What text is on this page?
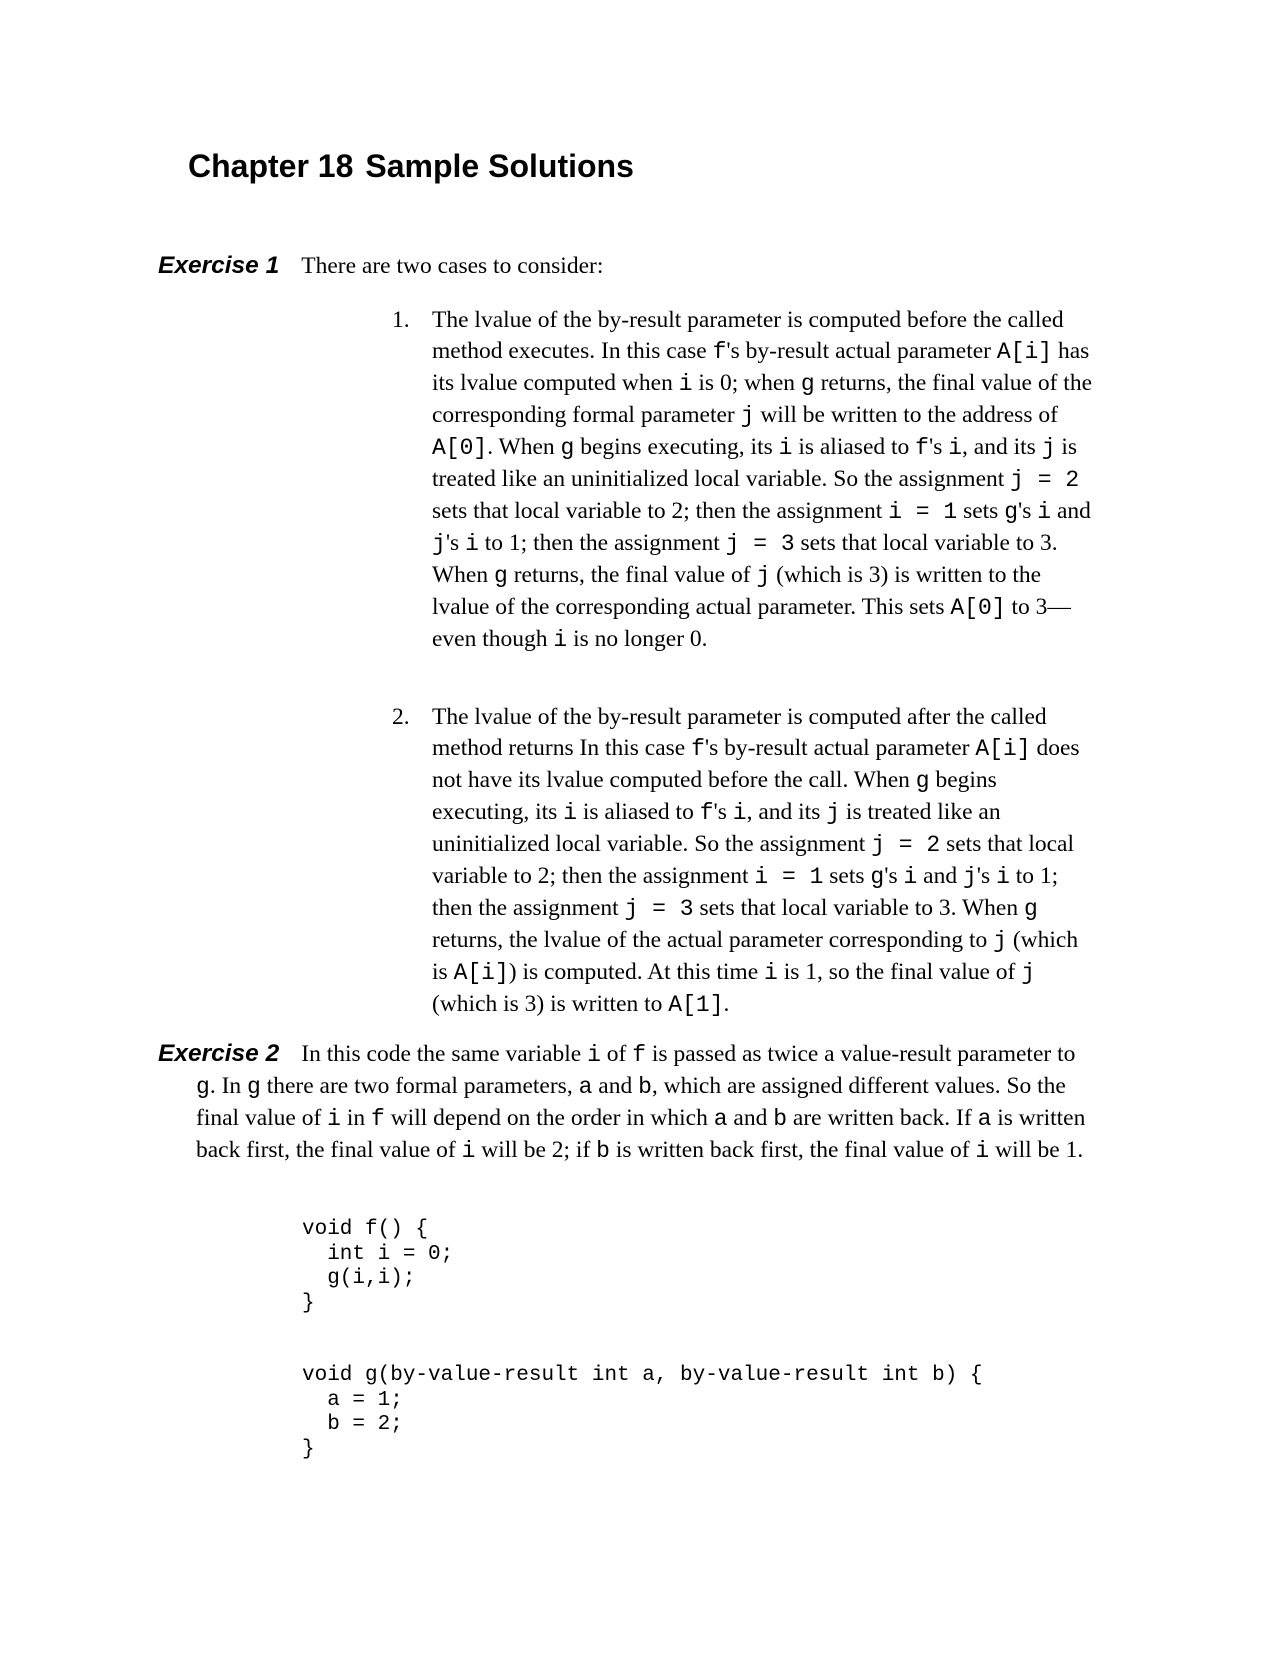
Chapter 18 Sample Solutions
Exercise 1 There are two cases to consider:
1. The lvalue of the by-result parameter is computed before the called method executes. In this case f's by-result actual parameter A[i] has its lvalue computed when i is 0; when g returns, the final value of the corresponding formal parameter j will be written to the address of A[0]. When g begins executing, its i is aliased to f's i, and its j is treated like an uninitialized local variable. So the assignment j = 2 sets that local variable to 2; then the assignment i = 1 sets g's i and j's i to 1; then the assignment j = 3 sets that local variable to 3. When g returns, the final value of j (which is 3) is written to the lvalue of the corresponding actual parameter. This sets A[0] to 3—even though i is no longer 0.
2. The lvalue of the by-result parameter is computed after the called method returns In this case f's by-result actual parameter A[i] does not have its lvalue computed before the call. When g begins executing, its i is aliased to f's i, and its j is treated like an uninitialized local variable. So the assignment j = 2 sets that local variable to 2; then the assignment i = 1 sets g's i and j's i to 1; then the assignment j = 3 sets that local variable to 3. When g returns, the lvalue of the actual parameter corresponding to j (which is A[i]) is computed. At this time i is 1, so the final value of j (which is 3) is written to A[1].
Exercise 2 In this code the same variable i of f is passed as twice a value-result parameter to g. In g there are two formal parameters, a and b, which are assigned different values. So the final value of i in f will depend on the order in which a and b are written back. If a is written back first, the final value of i will be 2; if b is written back first, the final value of i will be 1.
void f() {
int i = 0;
g(i,i);
}
void g(by-value-result int a, by-value-result int b) {
a = 1;
b = 2;
}
